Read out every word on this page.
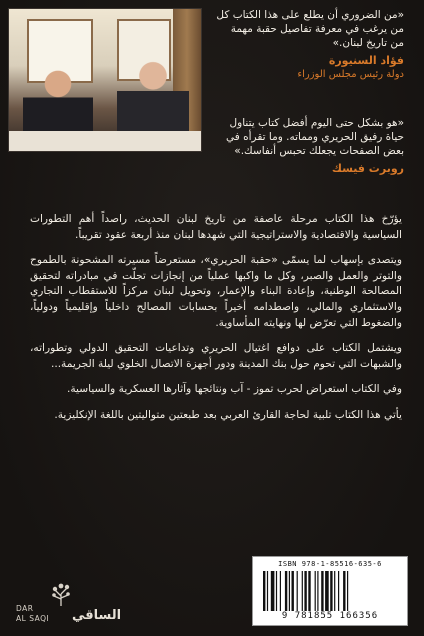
«من الضروري أن يطلع على هذا الكتاب كل من يرغب في معرفة تفاصيل حقبة مهمة من تاريخ لبنان.»
فؤاد السنيورة
دولة رئيس مجلس الوزراء
«هو بشكل حتى اليوم أفضل كتاب يتناول حياة رفيق الحريري ومماته. وما تقرأه في بعض الصفحات يجعلك تحبس أنفاسك.»
روبرت فيسك

يؤرّخ هذا الكتاب مرحلة عاصفة من تاريخ لبنان الحديث، راصداً أهم التطورات السياسية والاقتصادية والاستراتيجية التي شهدها لبنان منذ أربعة عقود تقريباً.

ويتصدى بإسهاب لما يسمّى «حقبة الحريري»، مستعرضاً مسيرته المشحونة بالطموح والتوتر والعمل والصبر، وكل ما واكبها عملياً من إنجازات تجلّت في مبادراته لتحقيق المصالحة الوطنية، وإعادة البناء والإعمار، وتحويل لبنان مركزاً للاستقطاب التجاري والاستثماري والمالي، واصطدامه أخيراً بحسابات المصالح داخلياً وإقليمياً ودولياً، والضغوط التي تعرّض لها ونهايته المأساوية.

ويشتمل الكتاب على دوافع اغتيال الحريري وتداعيات التحقيق الدولي وتطوراته، والشبهات التي تحوم حول بنك المدينة ودور أجهزة الاتصال الخلوي ليلة الجريمة...

وفي الكتاب استعراض لحرب تموز - آب ونتائجها وآثارها العسكرية والسياسية.

يأتي هذا الكتاب تلبية لحاجة القارئ العربي بعد طبعتين متواليتين باللغة الإنكليزية.

DAR
AL SAQI الساقي
ISBN 978-1-85516-635-6
9 781855 166356
